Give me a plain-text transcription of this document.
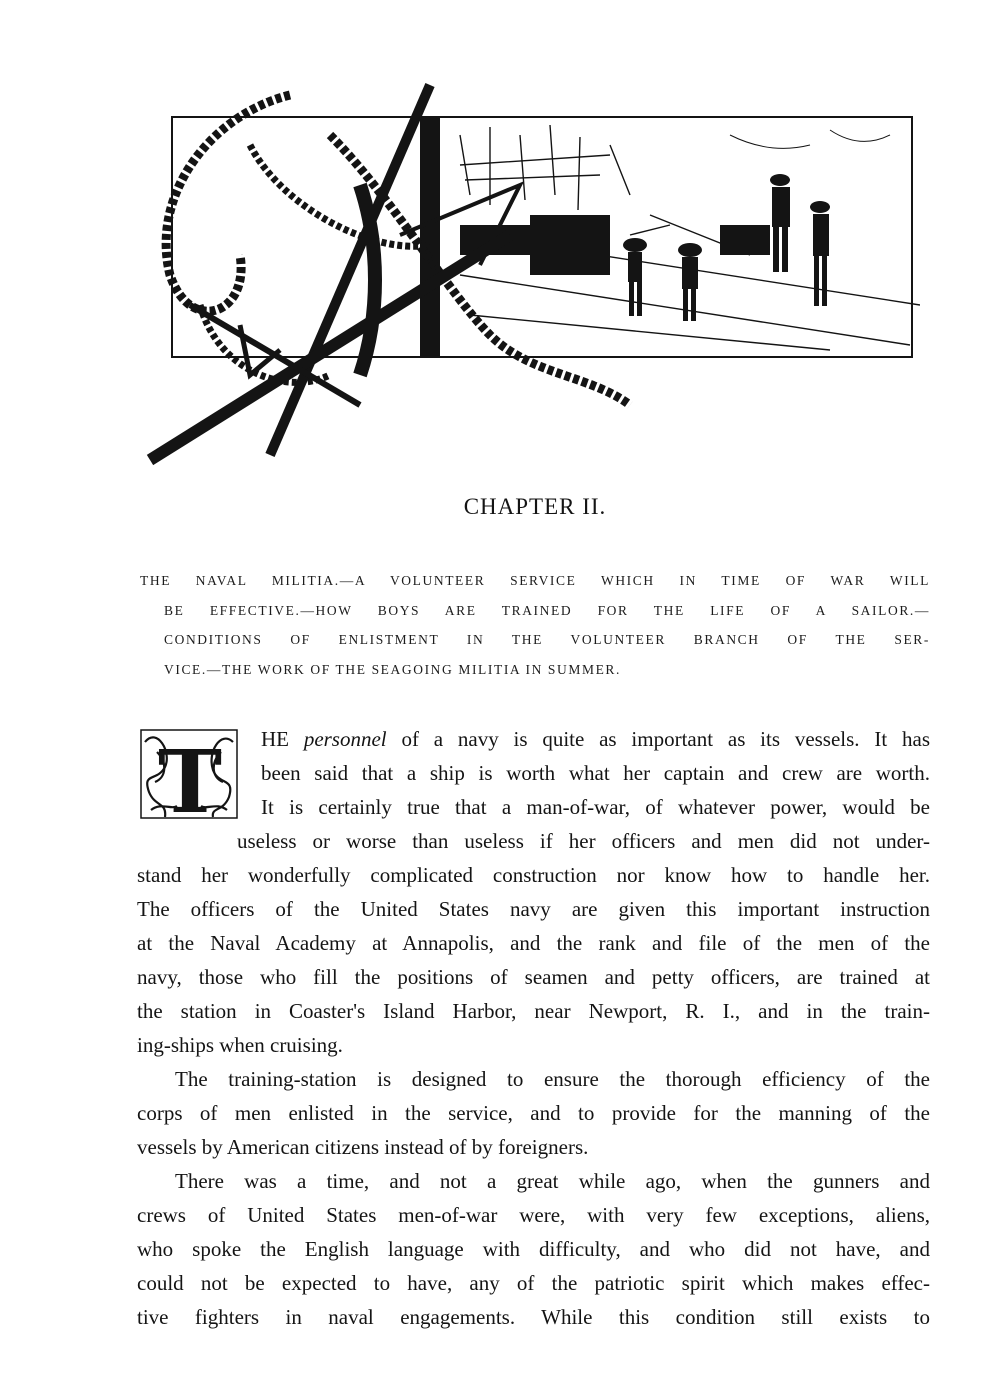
CHAPTER II.
THE NAVAL MILITIA.—A VOLUNTEER SERVICE WHICH IN TIME OF WAR WILL
BE EFFECTIVE.—HOW BOYS ARE TRAINED FOR THE LIFE OF A SAILOR.—
CONDITIONS OF ENLISTMENT IN THE VOLUNTEER BRANCH OF THE SER-
VICE.—THE WORK OF THE SEAGOING MILITIA IN SUMMER.
T	HE personnel of a navy is quite as important as its vessels. It has
been said that a ship is worth what her captain and crew are worth.
It is certainly true that a man-of-war, of whatever power, would be
useless or worse than useless if her officers and men did not under-
stand her wonderfully complicated construction nor know how to handle her.
The officers of the United States navy are given this important instruction
at the Naval Academy at Annapolis, and the rank and file of the men of the
navy, those who fill the positions of seamen and petty officers, are trained at
the station in Coaster's Island Harbor, near Newport, R. I., and in the train-
ing-ships when cruising.
The training-station is designed to ensure the thorough efficiency of the
corps of men enlisted in the service, and to provide for the manning of the
vessels by American citizens instead of by foreigners.
There was a time, and not a great while ago, when the gunners and
crews of United States men-of-war were, with very few exceptions, aliens,
who spoke the English language with difficulty, and who did not have, and
could not be expected to have, any of the patriotic spirit which makes effec-
tive fighters in naval engagements. While this condition still exists to
